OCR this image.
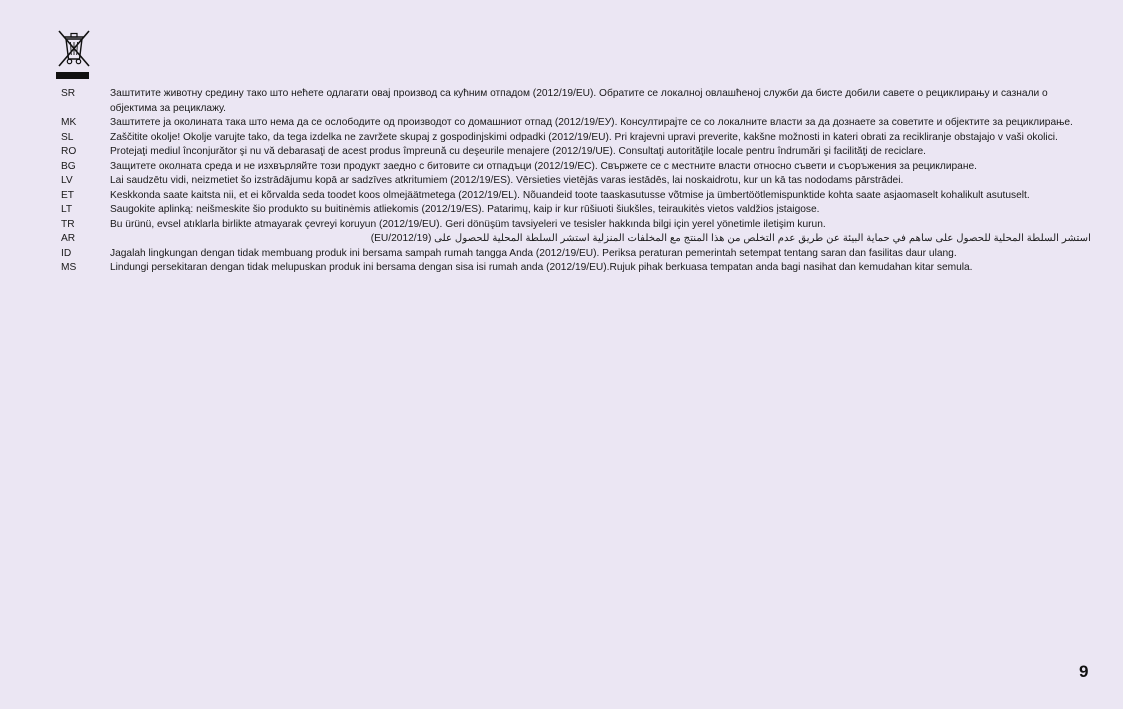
SR	Заштитите животну средину тако што нећете одлагати овај производ са кућним отпадом (2012/19/EU). Обратите се локалној овлашћеној служби да бисте добили савете о рециклирању и сазнали о објектима за рециклажу.
MK	Заштитете ја околината така што нема да се ослободите од производот со домашниот отпад (2012/19/ЕУ). Консултирајте се со локалните власти за да дознаете за советите и објектите за рециклирање.
SL	Zaščitite okolje! Okolje varujte tako, da tega izdelka ne zavržete skupaj z gospodinjskimi odpadki (2012/19/EU). Pri krajevni upravi preverite, kakšne možnosti in kateri obrati za recikliranje obstajajo v vaši okolici.
RO	Protejaţi mediul înconjurător şi nu vă debarasaţi de acest produs împreună cu deşeurile menajere (2012/19/UE). Consultaţi autorităţile locale pentru îndrumări şi facilităţi de reciclare.
BG	Защитете околната среда и не изхвърляйте този продукт заедно с битовите си отпадъци (2012/19/ЕС). Свържете се с местните власти относно съвети и съоръжения за рециклиране.
LV	Lai saudzētu vidi, neizmetiet šo izstrādājumu kopā ar sadzīves atkritumiem (2012/19/ES). Vērsieties vietējās varas iestādēs, lai noskaidrotu, kur un kā tas nododams pārstrādei.
ET	Keskkonda saate kaitsta nii, et ei kõrvalda seda toodet koos olmejäätmetega (2012/19/EL). Nõuandeid toote taaskasutusse võtmise ja ümbertöötlemispunktide kohta saate asjaomaselt kohalikult asutuselt.
LT	Saugokite aplinką: neišmeskite šio produkto su buitinėmis atliekomis (2012/19/ES). Patarimų, kaip ir kur rūšiuoti šiukšles, teiraukitės vietos valdžios įstaigose.
TR	Bu ürünü, evsel atıklarla birlikte atmayarak çevreyi koruyun (2012/19/EU). Geri dönüşüm tavsiyeleri ve tesisler hakkında bilgi için yerel yönetimle iletişim kurun.
AR	استشر السلطة المحلية للحصول على ساهم في حماية البيئة عن طريق عدم التخلص من هذا المنتج مع المخلفات المنزلية استشر السلطة المحلية للحصول على (2012/19/EU)
ID	Jagalah lingkungan dengan tidak membuang produk ini bersama sampah rumah tangga Anda (2012/19/EU). Periksa peraturan pemerintah setempat tentang saran dan fasilitas daur ulang.
MS	Lindungi persekitaran dengan tidak melupuskan produk ini bersama dengan sisa isi rumah anda (2012/19/EU).Rujuk pihak berkuasa tempatan anda bagi nasihat dan kemudahan kitar semula.
9
